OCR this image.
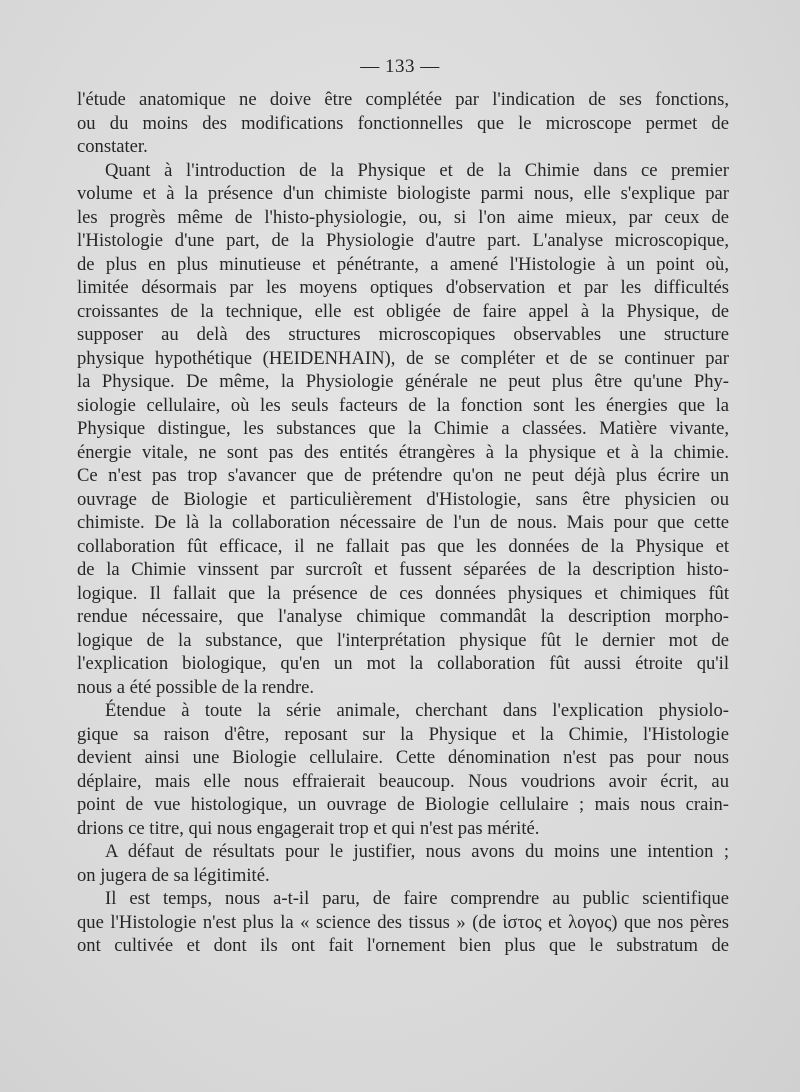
— 133 —
l'étude anatomique ne doive être complétée par l'indication de ses fonctions,
ou du moins des modifications fonctionnelles que le microscope permet de
constater.
Quant à l'introduction de la Physique et de la Chimie dans ce premier
volume et à la présence d'un chimiste biologiste parmi nous, elle s'explique par
les progrès même de l'histo-physiologie, ou, si l'on aime mieux, par ceux de
l'Histologie d'une part, de la Physiologie d'autre part. L'analyse microscopique,
de plus en plus minutieuse et pénétrante, a amené l'Histologie à un point où,
limitée désormais par les moyens optiques d'observation et par les difficultés
croissantes de la technique, elle est obligée de faire appel à la Physique, de
supposer au delà des structures microscopiques observables une structure
physique hypothétique (HEIDENHAIN), de se compléter et de se continuer par
la Physique. De même, la Physiologie générale ne peut plus être qu'une Phy-
siologie cellulaire, où les seuls facteurs de la fonction sont les énergies que la
Physique distingue, les substances que la Chimie a classées. Matière vivante,
énergie vitale, ne sont pas des entités étrangères à la physique et à la chimie.
Ce n'est pas trop s'avancer que de prétendre qu'on ne peut déjà plus écrire un
ouvrage de Biologie et particulièrement d'Histologie, sans être physicien ou
chimiste. De là la collaboration nécessaire de l'un de nous. Mais pour que cette
collaboration fût efficace, il ne fallait pas que les données de la Physique et
de la Chimie vinssent par surcroît et fussent séparées de la description histo-
logique. Il fallait que la présence de ces données physiques et chimiques fût
rendue nécessaire, que l'analyse chimique commandât la description morpho-
logique de la substance, que l'interprétation physique fût le dernier mot de
l'explication biologique, qu'en un mot la collaboration fût aussi étroite qu'il
nous a été possible de la rendre.
Étendue à toute la série animale, cherchant dans l'explication physiolo-
gique sa raison d'être, reposant sur la Physique et la Chimie, l'Histologie
devient ainsi une Biologie cellulaire. Cette dénomination n'est pas pour nous
déplaire, mais elle nous effraierait beaucoup. Nous voudrions avoir écrit, au
point de vue histologique, un ouvrage de Biologie cellulaire ; mais nous crain-
drions ce titre, qui nous engagerait trop et qui n'est pas mérité.
A défaut de résultats pour le justifier, nous avons du moins une intention ;
on jugera de sa légitimité.
Il est temps, nous a-t-il paru, de faire comprendre au public scientifique
que l'Histologie n'est plus la « science des tissus » (de ἱστος et λογος) que nos pères
ont cultivée et dont ils ont fait l'ornement bien plus que le substratum de
